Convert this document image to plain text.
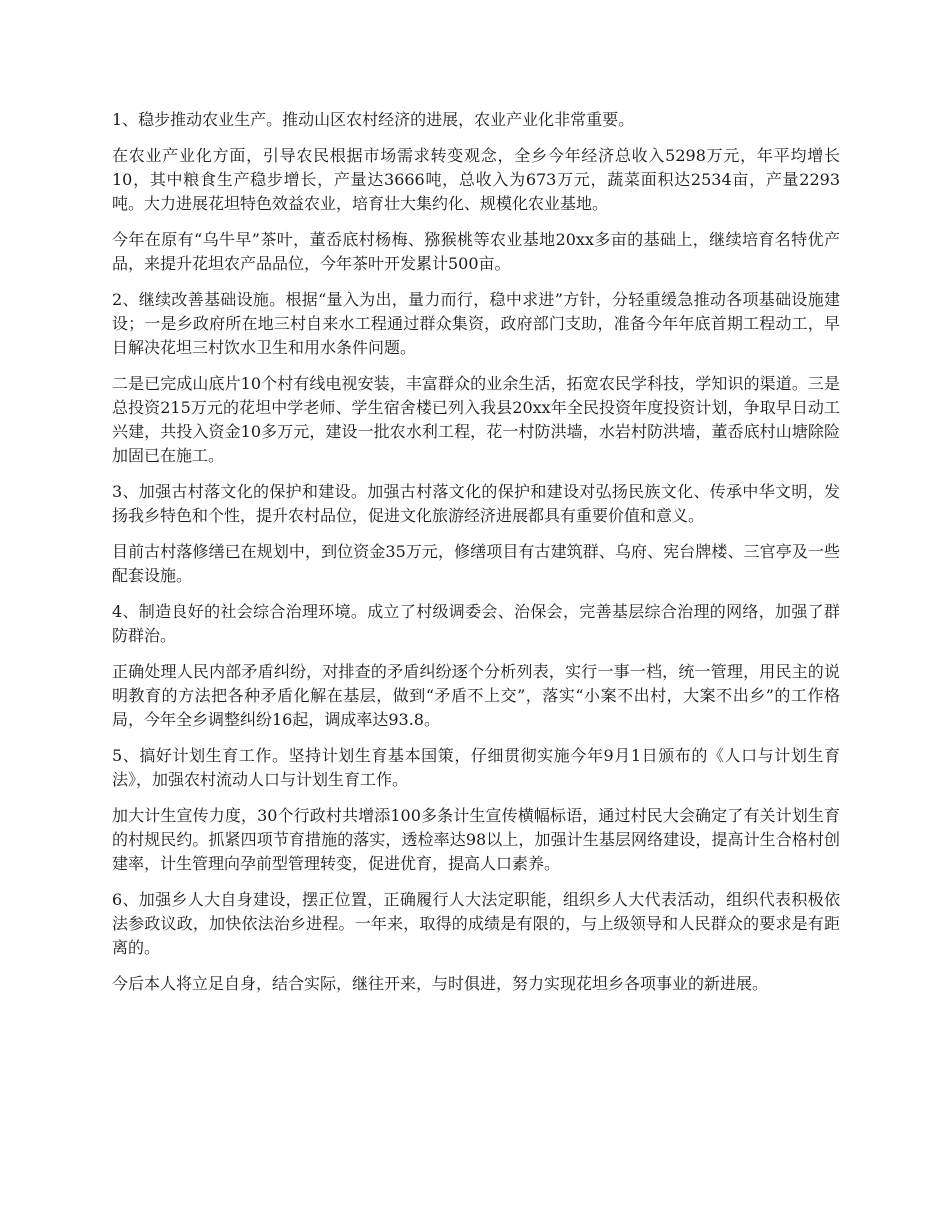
1、稳步推动农业生产。推动山区农村经济的进展，农业产业化非常重要。

在农业产业化方面，引导农民根据市场需求转变观念，全乡今年经济总收入5298万元，年平均增长10，其中粮食生产稳步增长，产量达3666吨，总收入为673万元，蔬菜面积达2534亩，产量2293吨。大力进展花坦特色效益农业，培育壮大集约化、规模化农业基地。

今年在原有“乌牛早”茶叶，董岙底村杨梅、猕猴桃等农业基地20xx多亩的基础上，继续培育名特优产品，来提升花坦农产品品位，今年茶叶开发累计500亩。

2、继续改善基础设施。根据“量入为出，量力而行，稳中求进”方针，分轻重缓急推动各项基础设施建设；一是乡政府所在地三村自来水工程通过群众集资，政府部门支助，准备今年年底首期工程动工，早日解决花坦三村饮水卫生和用水条件问题。

二是已完成山底片10个村有线电视安装，丰富群众的业余生活，拓宽农民学科技，学知识的渠道。三是总投资215万元的花坦中学老师、学生宿舍楼已列入我县20xx年全民投资年度投资计划，争取早日动工兴建，共投入资金10多万元，建设一批农水利工程，花一村防洪墙，水岩村防洪墙，董岙底村山塘除险加固已在施工。

3、加强古村落文化的保护和建设。加强古村落文化的保护和建设对弘扬民族文化、传承中华文明，发扬我乡特色和个性，提升农村品位，促进文化旅游经济进展都具有重要价值和意义。

目前古村落修缮已在规划中，到位资金35万元，修缮项目有古建筑群、乌府、宪台牌楼、三官亭及一些配套设施。

4、制造良好的社会综合治理环境。成立了村级调委会、治保会，完善基层综合治理的网络，加强了群防群治。

正确处理人民内部矛盾纠纷，对排查的矛盾纠纷逐个分析列表，实行一事一档，统一管理，用民主的说明教育的方法把各种矛盾化解在基层，做到“矛盾不上交”，落实“小案不出村，大案不出乡”的工作格局，今年全乡调整纠纷16起，调成率达93.8。

5、搞好计划生育工作。坚持计划生育基本国策，仔细贯彻实施今年9月1日颁布的《人口与计划生育法》，加强农村流动人口与计划生育工作。

加大计生宣传力度，30个行政村共增添100多条计生宣传横幅标语，通过村民大会确定了有关计划生育的村规民约。抓紧四项节育措施的落实，透检率达98以上，加强计生基层网络建设，提高计生合格村创建率，计生管理向孕前型管理转变，促进优育，提高人口素养。

6、加强乡人大自身建设，摆正位置，正确履行人大法定职能，组织乡人大代表活动，组织代表积极依法参政议政，加快依法治乡进程。一年来，取得的成绩是有限的，与上级领导和人民群众的要求是有距离的。

今后本人将立足自身，结合实际，继往开来，与时俱进，努力实现花坦乡各项事业的新进展。
